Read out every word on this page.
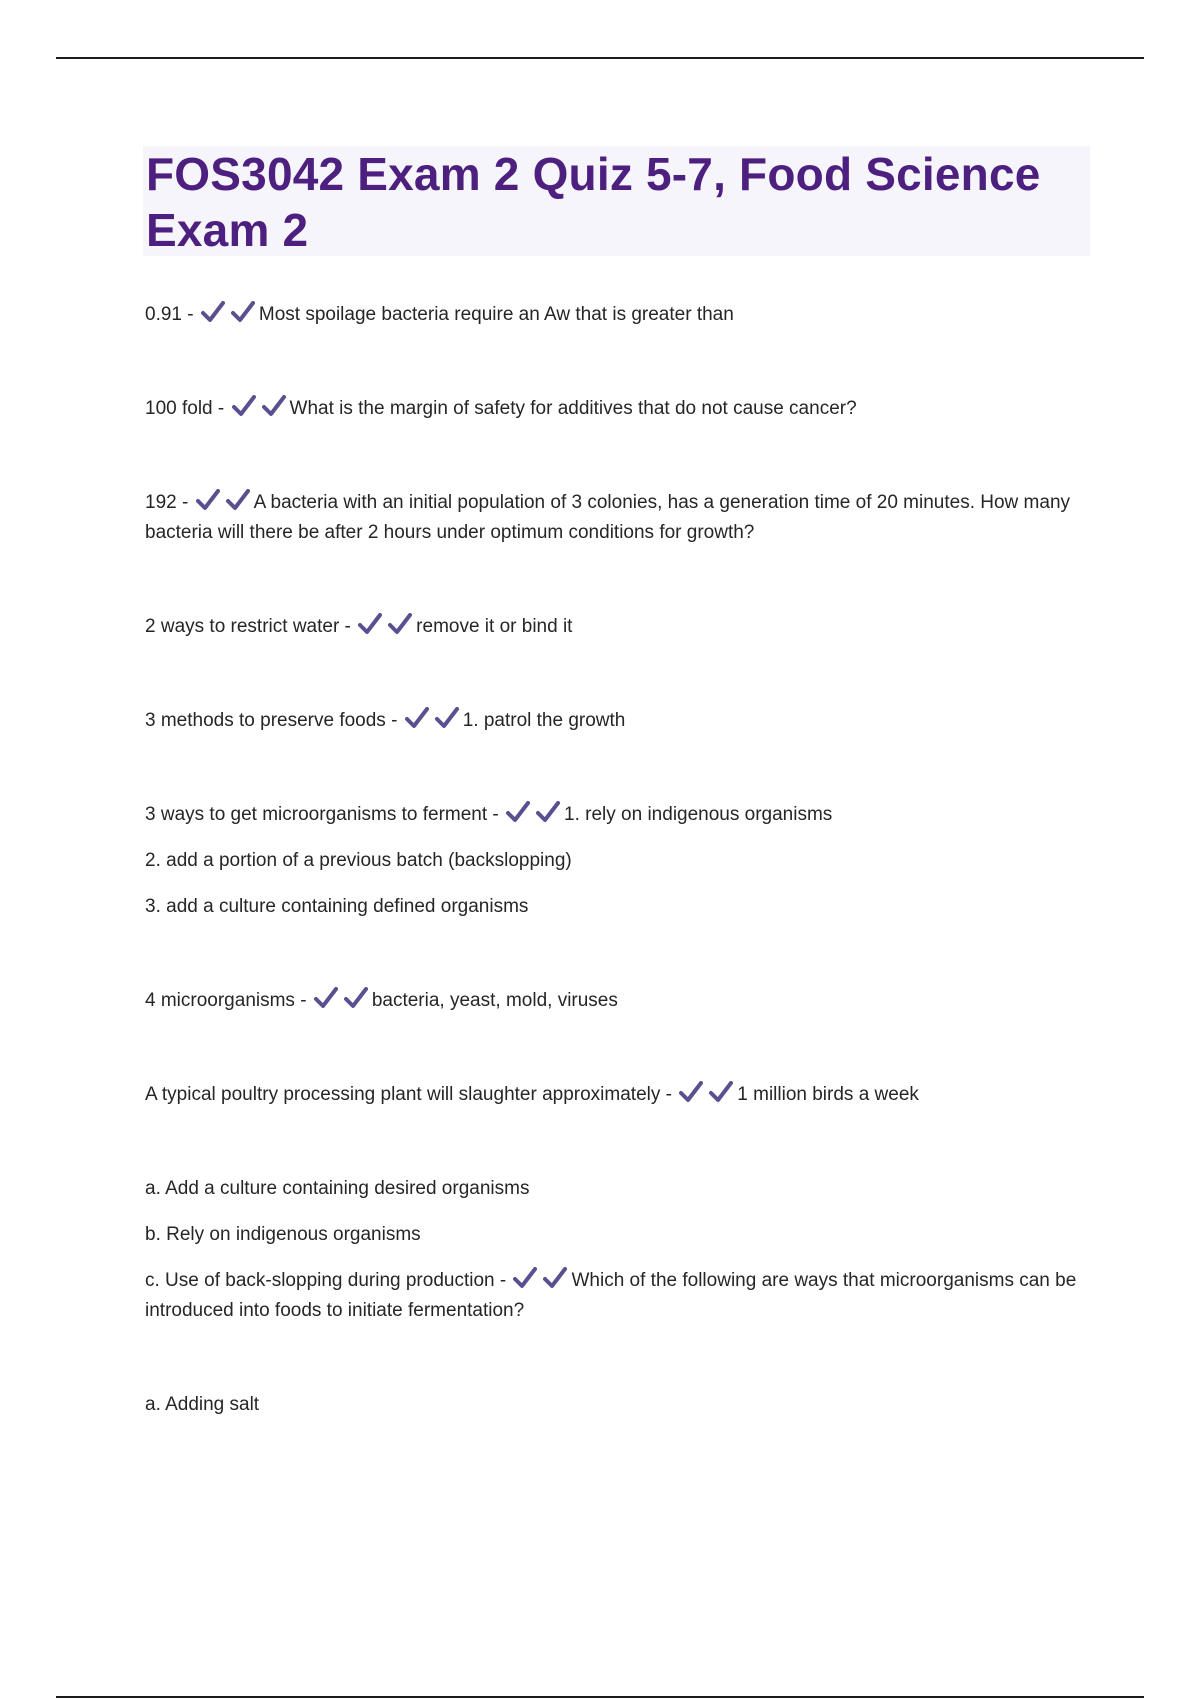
FOS3042 Exam 2 Quiz 5-7, Food Science Exam 2

0.91 -	Most spoilage bacteria require an Aw that is greater than

100 fold -	What is the margin of safety for additives that do not cause cancer?

192 -	A bacteria with an initial population of 3 colonies, has a generation time of 20 minutes. How many bacteria will there be after 2 hours under optimum conditions for growth?

2 ways to restrict water -	remove it or bind it

3 methods to preserve foods -	1. patrol the growth

3 ways to get microorganisms to ferment -	1. rely on indigenous organisms

2. add a portion of a previous batch (backslopping)

3. add a culture containing defined organisms

4 microorganisms -	bacteria, yeast, mold, viruses

A typical poultry processing plant will slaughter approximately -	1 million birds a week

a. Add a culture containing desired organisms

b. Rely on indigenous organisms

c. Use of back-slopping during production -	Which of the following are ways that microorganisms can be introduced into foods to initiate fermentation?

a. Adding salt
